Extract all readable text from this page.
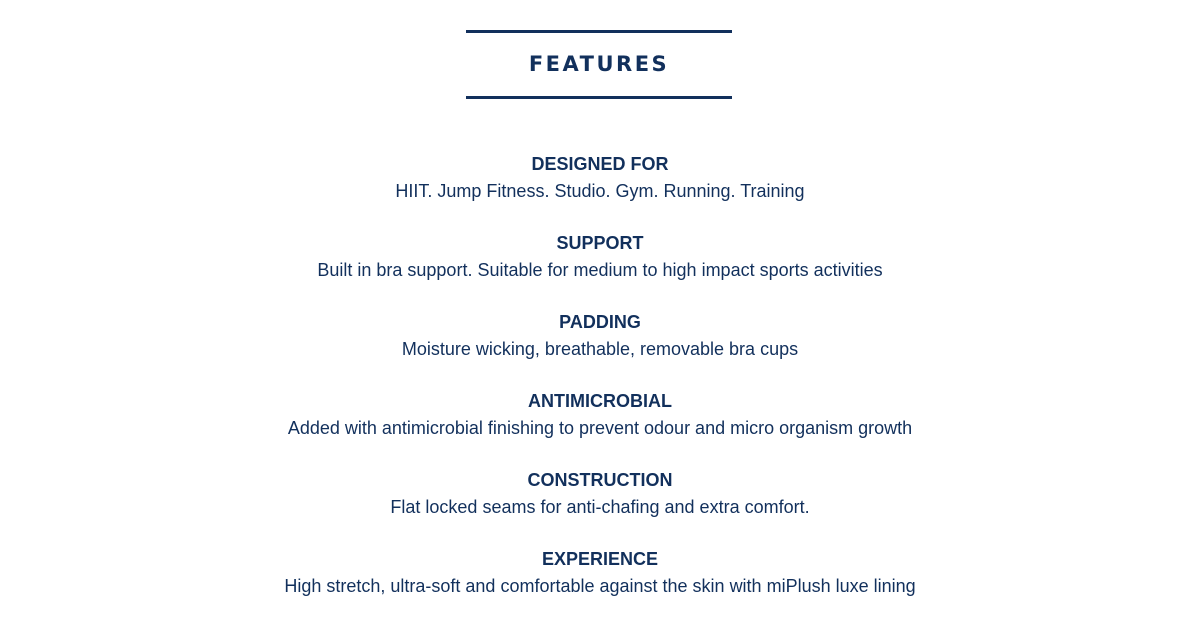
FEATURES
DESIGNED FOR
HIIT. Jump Fitness. Studio. Gym. Running. Training
SUPPORT
Built in bra support. Suitable for medium to high impact sports activities
PADDING
Moisture wicking, breathable, removable bra cups
ANTIMICROBIAL
Added with antimicrobial finishing to prevent odour and micro organism growth
CONSTRUCTION
Flat locked seams for anti-chafing and extra comfort.
EXPERIENCE
High stretch, ultra-soft and comfortable against the skin with miPlush luxe lining
